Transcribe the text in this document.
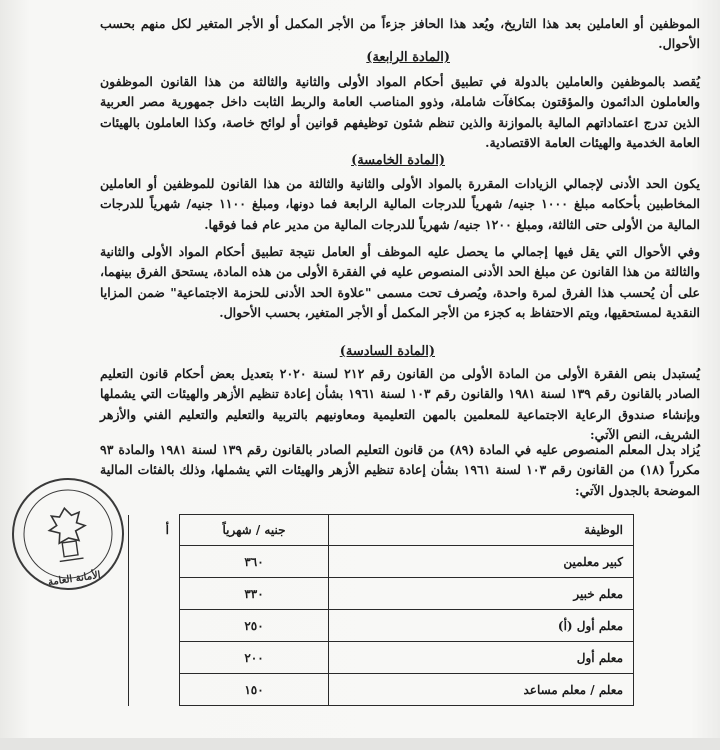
الموظفين أو العاملين بعد هذا التاريخ، ويُعد هذا الحافز جزءاً من الأجر المكمل أو الأجر المتغير لكل منهم بحسب الأحوال.
(المادة الرابعة)
يُقصد بالموظفين والعاملين بالدولة في تطبيق أحكام المواد الأولى والثانية والثالثة من هذا القانون الموظفون والعاملون الدائمون والمؤقتون بمكافآت شاملة، وذوو المناصب العامة والربط الثابت داخل جمهورية مصر العربية الذين تدرج اعتماداتهم المالية بالموازنة والذين تنظم شئون توظيفهم قوانين أو لوائح خاصة، وكذا العاملون بالهيئات العامة الخدمية والهيئات العامة الاقتصادية.
(المادة الخامسة)
يكون الحد الأدنى لإجمالي الزيادات المقررة بالمواد الأولى والثانية والثالثة من هذا القانون للموظفين أو العاملين المخاطبين بأحكامه مبلغ ١٠٠٠ جنيه/ شهرياً للدرجات المالية الرابعة فما دونها، ومبلغ ١١٠٠ جنيه/ شهرياً للدرجات المالية من الأولى حتى الثالثة، ومبلغ ١٢٠٠ جنيه/ شهرياً للدرجات المالية من مدير عام فما فوقها.
وفي الأحوال التي يقل فيها إجمالي ما يحصل عليه الموظف أو العامل نتيجة تطبيق أحكام المواد الأولى والثانية والثالثة من هذا القانون عن مبلغ الحد الأدنى المنصوص عليه في الفقرة الأولى من هذه المادة، يستحق الفرق بينهما، على أن يُحسب هذا الفرق لمرة واحدة، ويُصرف تحت مسمى "علاوة الحد الأدنى للحزمة الاجتماعية" ضمن المزايا النقدية لمستحقيها، ويتم الاحتفاظ به كجزء من الأجر المكمل أو الأجر المتغير، بحسب الأحوال.
(المادة السادسة)
يُستبدل بنص الفقرة الأولى من المادة الأولى من القانون رقم ٢١٢ لسنة ٢٠٢٠ بتعديل بعض أحكام قانون التعليم الصادر بالقانون رقم ١٣٩ لسنة ١٩٨١ والقانون رقم ١٠٣ لسنة ١٩٦١ بشأن إعادة تنظيم الأزهر والهيئات التي يشملها وبإنشاء صندوق الرعاية الاجتماعية للمعلمين بالمهن التعليمية ومعاونيهم بالتربية والتعليم والتعليم الفني والأزهر الشريف، النص الآتي:
يُزاد بدل المعلم المنصوص عليه في المادة (٨٩) من قانون التعليم الصادر بالقانون رقم ١٣٩ لسنة ١٩٨١ والمادة ٩٣ مكرراً (١٨) من القانون رقم ١٠٣ لسنة ١٩٦١ بشأن إعادة تنظيم الأزهر والهيئات التي يشملها، وذلك بالفئات المالية الموضحة بالجدول الآتي:
الأمانة العامة
الوظيفة	جنيه / شهرياً	أ
كبير معلمين	٣٦٠	
معلم خبير	٣٣٠	
معلم أول (أ)	٢٥٠	
معلم أول	٢٠٠	
معلم / معلم مساعد	١٥٠	
